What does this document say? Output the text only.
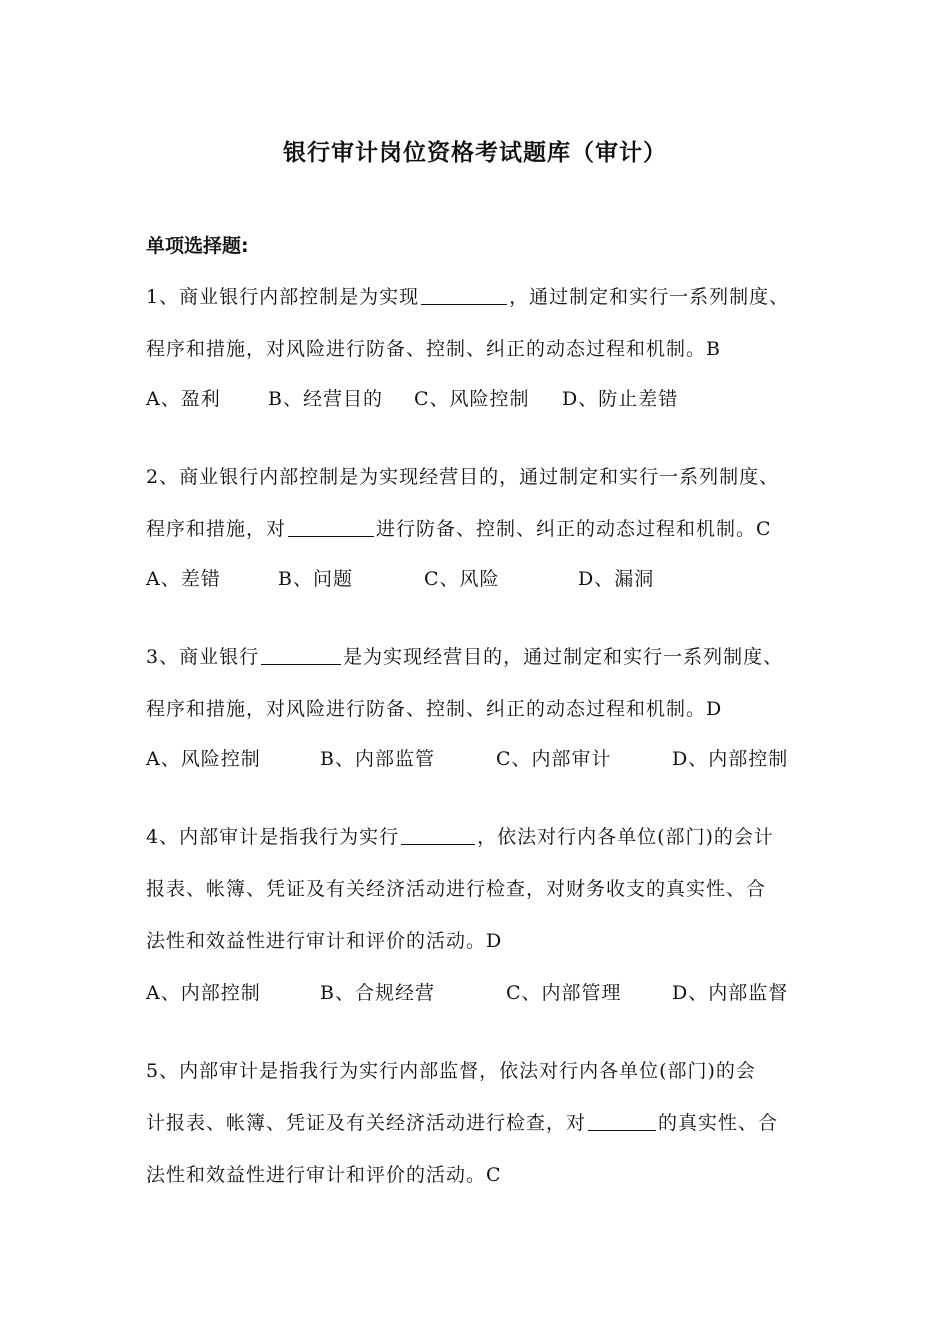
银行审计岗位资格考试题库（审计）
单项选择题:
1、商业银行内部控制是为实现	，通过制定和实行一系列制度、
程序和措施，对风险进行防备、控制、纠正的动态过程和机制。B
A、盈利 B、经营目的 C、风险控制 D、防止差错
2、商业银行内部控制是为实现经营目的，通过制定和实行一系列制度、
程序和措施，对	进行防备、控制、纠正的动态过程和机制。C
A、差错	B、问题	C、风险	D、漏洞
3、商业银行	是为实现经营目的，通过制定和实行一系列制度、
程序和措施，对风险进行防备、控制、纠正的动态过程和机制。D
A、风险控制	B、内部监管	C、内部审计	D、内部控制
4、内部审计是指我行为实行	，依法对行内各单位(部门)的会计
报表、帐簿、凭证及有关经济活动进行检查，对财务收支的真实性、合
法性和效益性进行审计和评价的活动。D
A、内部控制	B、合规经营	C、内部管理	D、内部监督
5、内部审计是指我行为实行内部监督，依法对行内各单位(部门)的会
计报表、帐簿、凭证及有关经济活动进行检查，对	的真实性、合
法性和效益性进行审计和评价的活动。C
